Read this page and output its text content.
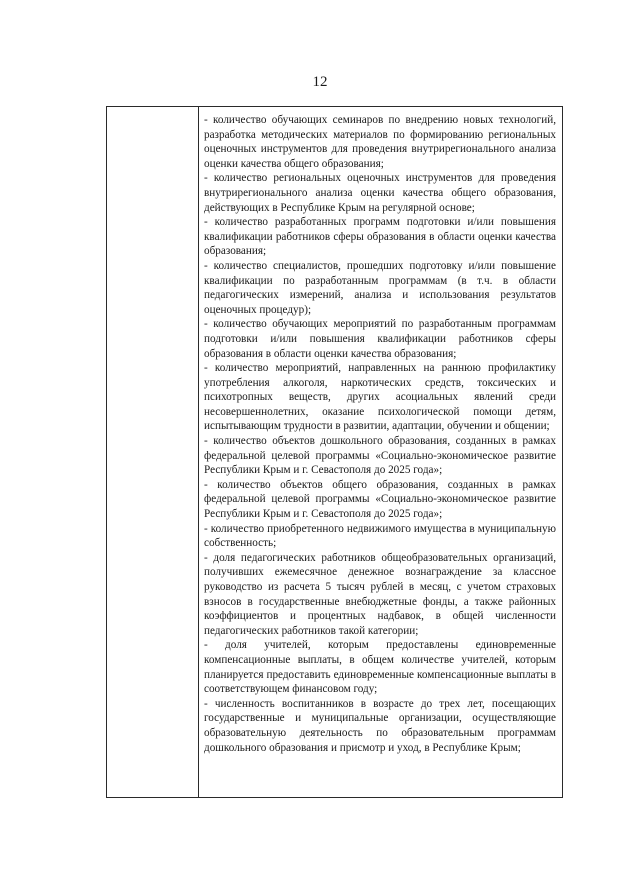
12

- количество обучающих семинаров по внедрению новых технологий, разработка методических материалов по формированию региональных оценочных инструментов для проведения внутрирегионального анализа оценки качества общего образования;

- количество региональных оценочных инструментов для проведения внутрирегионального анализа оценки качества общего образования, действующих в Республике Крым на регулярной основе;

- количество разработанных программ подготовки и/или повышения квалификации работников сферы образования в области оценки качества образования;

- количество специалистов, прошедших подготовку и/или повышение квалификации по разработанным программам (в т.ч. в области педагогических измерений, анализа и использования результатов оценочных процедур);

- количество обучающих мероприятий по разработанным программам подготовки и/или повышения квалификации работников сферы образования в области оценки качества образования;

- количество мероприятий, направленных на раннюю профилактику употребления алкоголя, наркотических средств, токсических и психотропных веществ, других асоциальных явлений среди несовершеннолетних, оказание психологической помощи детям, испытывающим трудности в развитии, адаптации, обучении и общении;

- количество объектов дошкольного образования, созданных в рамках федеральной целевой программы «Социально-экономическое развитие Республики Крым и г. Севастополя до 2025 года»;

- количество объектов общего образования, созданных в рамках федеральной целевой программы «Социально-экономическое развитие Республики Крым и г. Севастополя до 2025 года»;

- количество приобретенного недвижимого имущества в муниципальную собственность;

- доля педагогических работников общеобразовательных организаций, получивших ежемесячное денежное вознаграждение за классное руководство из расчета 5 тысяч рублей в месяц, с учетом страховых взносов в государственные внебюджетные фонды, а также районных коэффициентов и процентных надбавок, в общей численности педагогических работников такой категории;

- доля учителей, которым предоставлены единовременные компенсационные выплаты, в общем количестве учителей, которым планируется предоставить единовременные компенсационные выплаты в соответствующем финансовом году;

- численность воспитанников в возрасте до трех лет, посещающих государственные и муниципальные организации, осуществляющие образовательную деятельность по образовательным программам дошкольного образования и присмотр и уход, в Республике Крым;
